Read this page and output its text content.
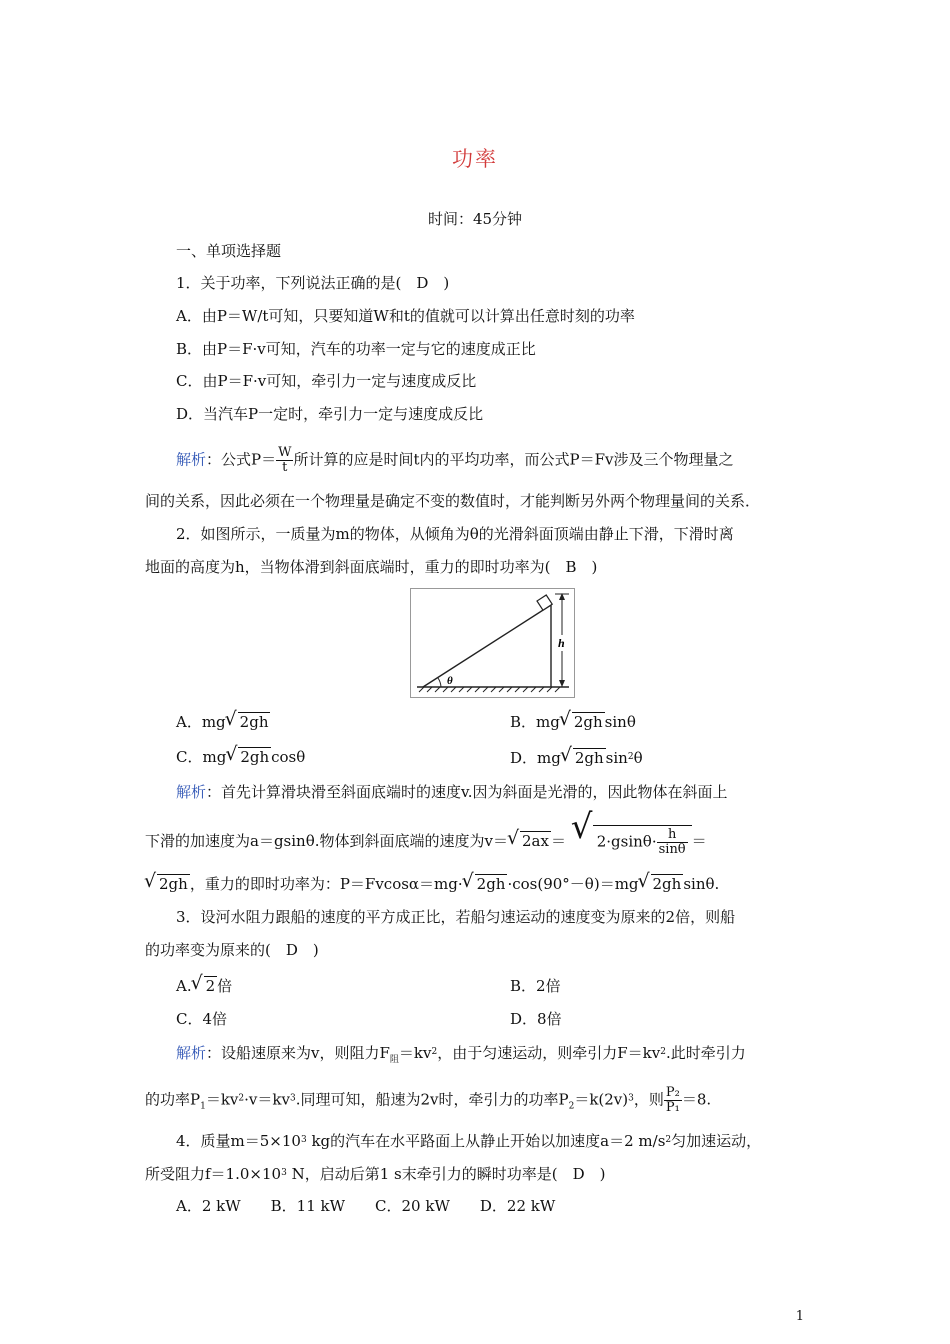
功率
时间：45分钟
一、单项选择题
1．关于功率，下列说法正确的是(　D　)
A．由P＝W/t可知，只要知道W和t的值就可以计算出任意时刻的功率
B．由P＝F·v可知，汽车的功率一定与它的速度成正比
C．由P＝F·v可知，牵引力一定与速度成反比
D．当汽车P一定时，牵引力一定与速度成反比
解析：公式$P= \frac{W}{t}$ 所计算的应是时间t内的平均功率，而公式P＝Fv涉及三个物理量之
间的关系，因此必须在一个物理量是确定不变的数值时，才能判断另外两个物理量间的关系．
2．如图所示，一质量为m的物体，从倾角为θ的光滑斜面顶端由静止下滑，下滑时离
地面的高度为h，当物体滑到斜面底端时，重力的即时功率为(　B　)
h
θ
A．mg √ 2gh	B．mg √ 2gh sinθ
C．mg √ 2gh cosθ	D．mg √ 2gh $\sin^2\theta$
解析：首先计算滑块滑至斜面底端时的速度v.因为斜面是光滑的，因此物体在斜面上
下滑的加速度为a＝gsinθ.物体到斜面底端的速度为v＝ √ 2ax ＝ √ $2\cdot gsin\theta\cdot \frac{h}{\sin\theta}$ ＝
√ 2gh ，重力的即时功率为：P＝Fvcosα＝mg· √ 2gh ·cos(90°－θ)＝mg √ 2gh sinθ.
3．设河水阻力跟船的速度的平方成正比，若船匀速运动的速度变为原来的2倍，则船
的功率变为原来的(　D　)
A. √ 2 倍	B．2倍
C．4倍	D．8倍
解析：设船速原来为v，则阻力$F_阻=kv^2$，由于匀速运动，则牵引力$F=kv^2$.此时牵引力
的功率$P_1=kv^2\cdot v=kv^3$.同理可知，船速为2v时，牵引力的功率$P_2=k(2v)^3$，则 $\frac{\text{P₂}}{\text{P₁}} =8$.
4．质量$m=5\times 10^3$ kg的汽车在水平路面上从静止开始以加速度a＝2 $m/s^2$匀加速运动，
所受阻力$f=1.0\times 10^3$ N，启动后第1 s末牵引力的瞬时功率是(　D　)
A．2 kW　　B．11 kW　　C．20 kW　　D．22 kW
1
